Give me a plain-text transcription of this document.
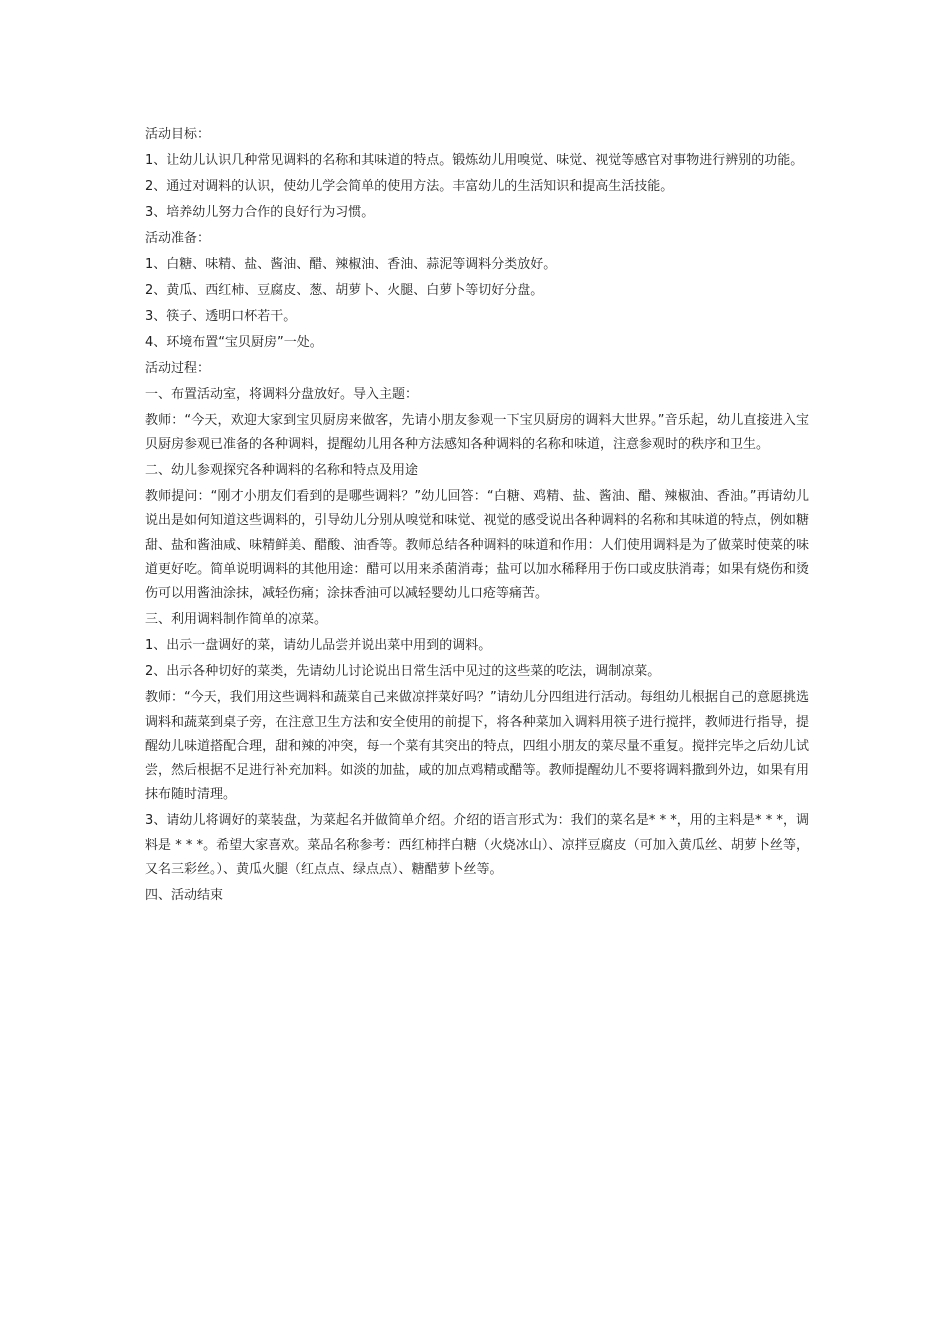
活动目标：

1、让幼儿认识几种常见调料的名称和其味道的特点。锻炼幼儿用嗅觉、味觉、视觉等感官对事物进行辨别的功能。

2、通过对调料的认识，使幼儿学会简单的使用方法。丰富幼儿的生活知识和提高生活技能。

3、培养幼儿努力合作的良好行为习惯。

活动准备：

1、白糖、味精、盐、酱油、醋、辣椒油、香油、蒜泥等调料分类放好。

2、黄瓜、西红柿、豆腐皮、葱、胡萝卜、火腿、白萝卜等切好分盘。

3、筷子、透明口杯若干。

4、环境布置“宝贝厨房”一处。

活动过程：

一、布置活动室，将调料分盘放好。导入主题：

教师：“今天，欢迎大家到宝贝厨房来做客，先请小朋友参观一下宝贝厨房的调料大世界。”音乐起，幼儿直接进入宝贝厨房参观已准备的各种调料，提醒幼儿用各种方法感知各种调料的名称和味道，注意参观时的秩序和卫生。

二、幼儿参观探究各种调料的名称和特点及用途

教师提问：“刚才小朋友们看到的是哪些调料？”幼儿回答：“白糖、鸡精、盐、酱油、醋、辣椒油、香油。”再请幼儿说出是如何知道这些调料的，引导幼儿分别从嗅觉和味觉、视觉的感受说出各种调料的名称和其味道的特点，例如糖甜、盐和酱油咸、味精鲜美、醋酸、油香等。教师总结各种调料的味道和作用：人们使用调料是为了做菜时使菜的味道更好吃。简单说明调料的其他用途：醋可以用来杀菌消毒；盐可以加水稀释用于伤口或皮肤消毒；如果有烧伤和烫伤可以用酱油涂抹，减轻伤痛；涂抹香油可以减轻婴幼儿口疮等痛苦。

三、利用调料制作简单的凉菜。

1、出示一盘调好的菜，请幼儿品尝并说出菜中用到的调料。

2、出示各种切好的菜类，先请幼儿讨论说出日常生活中见过的这些菜的吃法，调制凉菜。

教师：“今天，我们用这些调料和蔬菜自己来做凉拌菜好吗？”请幼儿分四组进行活动。每组幼儿根据自己的意愿挑选调料和蔬菜到桌子旁，在注意卫生方法和安全使用的前提下，将各种菜加入调料用筷子进行搅拌，教师进行指导，提醒幼儿味道搭配合理，甜和辣的冲突，每一个菜有其突出的特点，四组小朋友的菜尽量不重复。搅拌完毕之后幼儿试尝，然后根据不足进行补充加料。如淡的加盐，咸的加点鸡精或醋等。教师提醒幼儿不要将调料撒到外边，如果有用抹布随时清理。

3、请幼儿将调好的菜装盘，为菜起名并做简单介绍。介绍的语言形式为：我们的菜名是* * *，用的主料是* * *，调料是 * * *。希望大家喜欢。菜品名称参考：西红柿拌白糖（火烧冰山）、凉拌豆腐皮（可加入黄瓜丝、胡萝卜丝等，又名三彩丝。）、黄瓜火腿（红点点、绿点点）、糖醋萝卜丝等。

四、活动结束
